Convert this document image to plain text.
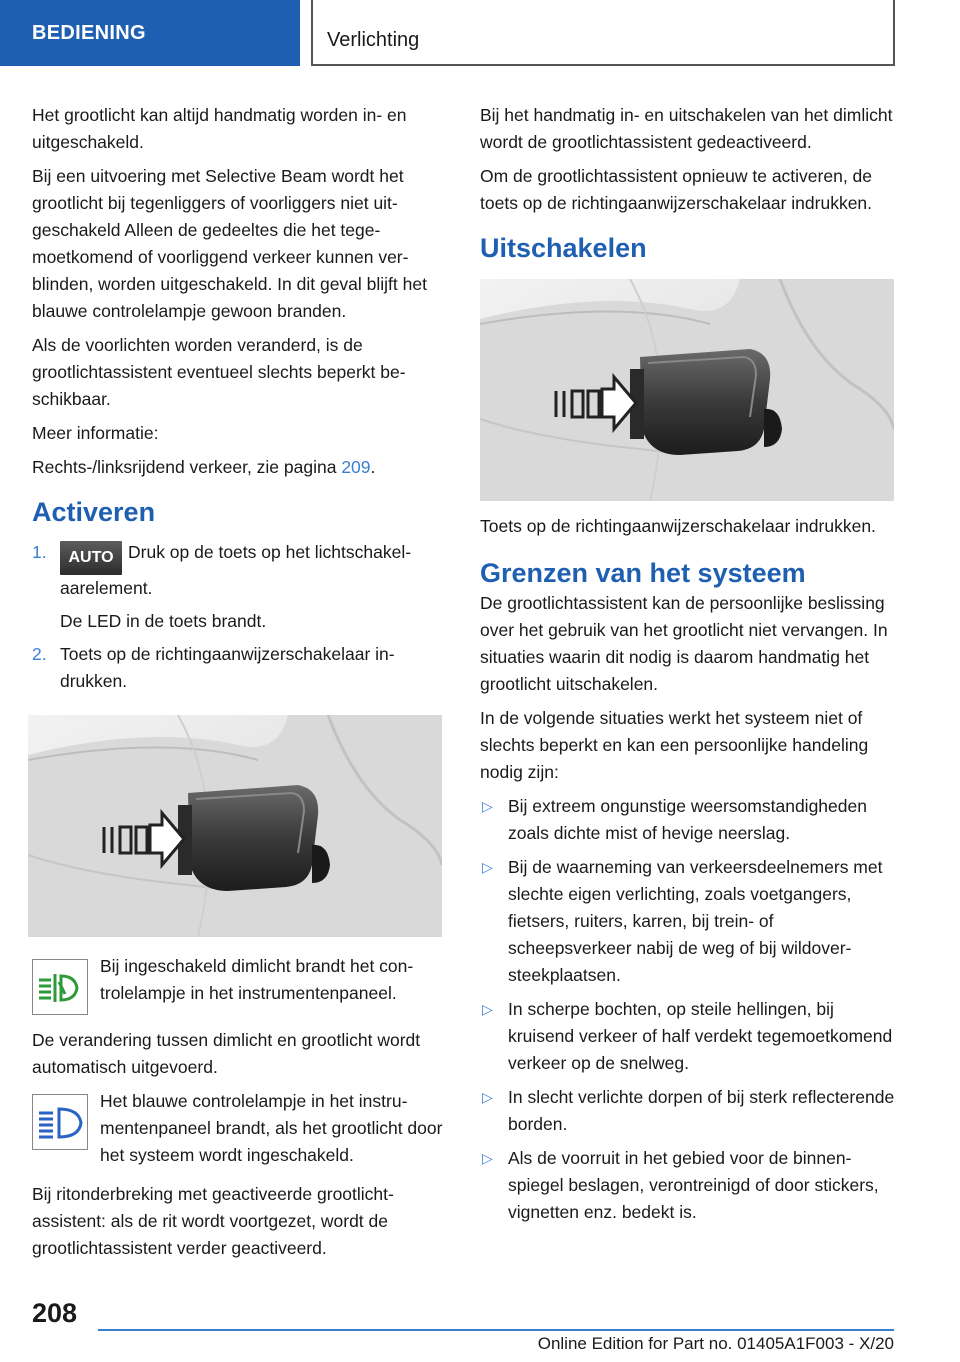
BEDIENING	Verlichting

Het grootlicht kan altijd handmatig worden in- en uitgeschakeld.

Bij een uitvoering met Selective Beam wordt het grootlicht bij tegenliggers of voorliggers niet uitgeschakeld Alleen de gedeeltes die het tegemoetkomend of voorliggend verkeer kunnen verblinden, worden uitgeschakeld. In dit geval blijft het blauwe controlelampje gewoon branden.

Als de voorlichten worden veranderd, is de grootlichtassistent eventueel slechts beperkt beschikbaar.

Meer informatie:

Rechts-/linksrijdend verkeer, zie pagina 209.

Activeren
1. AUTO Druk op de toets op het lichtschakelaarelement.
De LED in de toets brandt.
2. Toets op de richtingaanwijzerschakelaar indrukken.
Bij ingeschakeld dimlicht brandt het controlelampje in het instrumentenpaneel.

De verandering tussen dimlicht en grootlicht wordt automatisch uitgevoerd.

Het blauwe controlelampje in het instrumentenpaneel brandt, als het grootlicht door het systeem wordt ingeschakeld.

Bij ritonderbreking met geactiveerde grootlichtassistent: als de rit wordt voortgezet, wordt de grootlichtassistent verder geactiveerd.

Bij het handmatig in- en uitschakelen van het dimlicht wordt de grootlichtassistent gedeactiveerd.

Om de grootlichtassistent opnieuw te activeren, de toets op de richtingaanwijzerschakelaar indrukken.

Uitschakelen

Toets op de richtingaanwijzerschakelaar indrukken.

Grenzen van het systeem

De grootlichtassistent kan de persoonlijke beslissing over het gebruik van het grootlicht niet vervangen. In situaties waarin dit nodig is daarom handmatig het grootlicht uitschakelen.

In de volgende situaties werkt het systeem niet of slechts beperkt en kan een persoonlijke handeling nodig zijn:

▷ Bij extreem ongunstige weersomstandigheden zoals dichte mist of hevige neerslag.
▷ Bij de waarneming van verkeersdeelnemers met slechte eigen verlichting, zoals voetgangers, fietsers, ruiters, karren, bij trein- of scheepsverkeer nabij de weg of bij wildoversteekplaatsen.
▷ In scherpe bochten, op steile hellingen, bij kruisend verkeer of half verdekt tegemoetkomend verkeer op de snelweg.
▷ In slecht verlichte dorpen of bij sterk reflecterende borden.
▷ Als de voorruit in het gebied voor de binnenspiegel beslagen, verontreinigd of door stickers, vignetten enz. bedekt is.
208
Online Edition for Part no. 01405A1F003 - X/20
